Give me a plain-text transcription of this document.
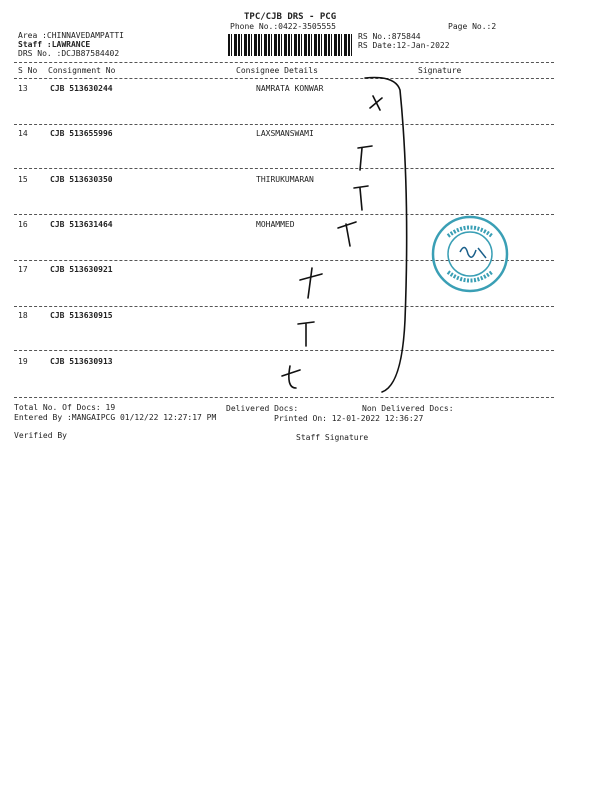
TPC/CJB DRS - PCG
Phone No.:0422-3505555	Page No.:2
Area :CHINNAVEDAMPATTI
Staff :LAWRANCE
DRS No. :DCJB87584402
RS No.:875844
RS Date:12-Jan-2022
S No Consignment No	Consignee Details	Signature
13	CJB 513630244	NAMRATA KONWAR
14	CJB 513655996	LAXSMANSWAMI
15	CJB 513630350	THIRUKUMARAN
16	CJB 513631464	MOHAMMED
17	CJB 513630921
18	CJB 513630915
19	CJB 513630913
Total No. Of Docs: 19	Delivered Docs:	Non Delivered Docs:
Entered By :MANGAIPCG 01/12/22 12:27:17 PM	Printed On: 12-01-2022 12:36:27
Verified By	Staff Signature
